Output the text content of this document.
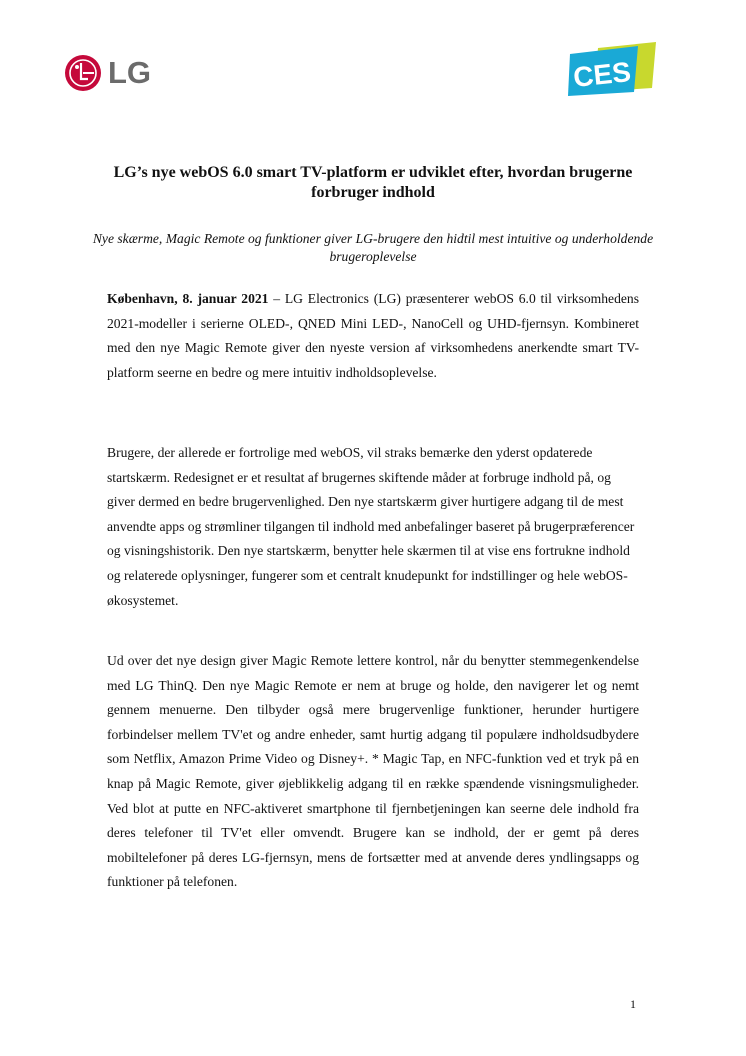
LG	CES
LG’s nye webOS 6.0 smart TV-platform er udviklet efter, hvordan brugerne forbruger indhold
Nye skærme, Magic Remote og funktioner giver LG-brugere den hidtil mest intuitive og underholdende brugeroplevelse

København, 8. januar 2021 – LG Electronics (LG) præsenterer webOS 6.0 til virksomhedens 2021-modeller i serierne OLED-, QNED Mini LED-, NanoCell og UHD-fjernsyn. Kombineret med den nye Magic Remote giver den nyeste version af virksomhedens anerkendte smart TV-platform seerne en bedre og mere intuitiv indholdsoplevelse.

Brugere, der allerede er fortrolige med webOS, vil straks bemærke den yderst opdaterede startskærm. Redesignet er et resultat af brugernes skiftende måder at forbruge indhold på, og giver dermed en bedre brugervenlighed. Den nye startskærm giver hurtigere adgang til de mest anvendte apps og strømliner tilgangen til indhold med anbefalinger baseret på brugerpræferencer og visningshistorik. Den nye startskærm, benytter hele skærmen til at vise ens fortrukne indhold og relaterede oplysninger, fungerer som et centralt knudepunkt for indstillinger og hele webOS-økosystemet.

Ud over det nye design giver Magic Remote lettere kontrol, når du benytter stemmegenkendelse med LG ThinQ. Den nye Magic Remote er nem at bruge og holde, den navigerer let og nemt gennem menuerne. Den tilbyder også mere brugervenlige funktioner, herunder hurtigere forbindelser mellem TV'et og andre enheder, samt hurtig adgang til populære indholdsudbydere som Netflix, Amazon Prime Video og Disney+. * Magic Tap, en NFC-funktion ved et tryk på en knap på Magic Remote, giver øjeblikkelig adgang til en række spændende visningsmuligheder. Ved blot at putte en NFC-aktiveret smartphone til fjernbetjeningen kan seerne dele indhold fra deres telefoner til TV'et eller omvendt. Brugere kan se indhold, der er gemt på deres mobiltelefoner på deres LG-fjernsyn, mens de fortsætter med at anvende deres yndlingsapps og funktioner på telefonen.

1
